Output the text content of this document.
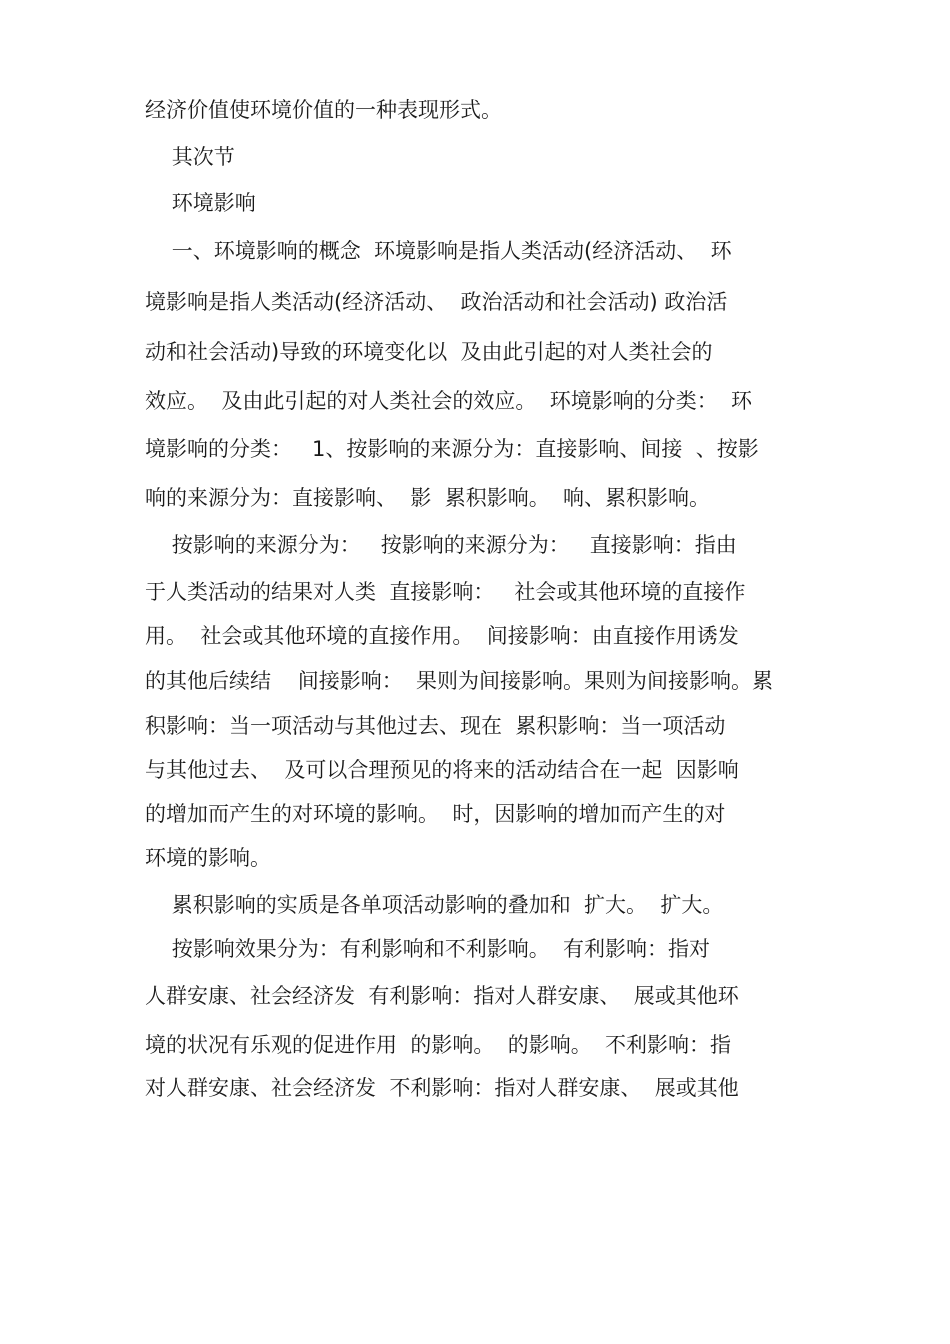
经济价值使环境价值的一种表现形式。
其次节
环境影响
一、环境影响的概念  环境影响是指人类活动(经济活动、  环
境影响是指人类活动(经济活动、  政治活动和社会活动) 政治活
动和社会活动)导致的环境变化以  及由此引起的对人类社会的
效应。  及由此引起的对人类社会的效应。  环境影响的分类：  环
境影响的分类：   1、按影响的来源分为：直接影响、间接  、按影
响的来源分为：直接影响、  影  累积影响。  响、累积影响。
按影响的来源分为：   按影响的来源分为：   直接影响：指由
于人类活动的结果对人类  直接影响：   社会或其他环境的直接作
用。  社会或其他环境的直接作用。  间接影响：由直接作用诱发
的其他后续结    间接影响：  果则为间接影响。果则为间接影响。累
积影响：当一项活动与其他过去、现在  累积影响：当一项活动
与其他过去、  及可以合理预见的将来的活动结合在一起  因影响
的增加而产生的对环境的影响。  时，因影响的增加而产生的对
环境的影响。
累积影响的实质是各单项活动影响的叠加和  扩大。  扩大。
按影响效果分为：有利影响和不利影响。  有利影响：指对
人群安康、社会经济发  有利影响：指对人群安康、  展或其他环
境的状况有乐观的促进作用  的影响。  的影响。  不利影响：指
对人群安康、社会经济发  不利影响：指对人群安康、  展或其他
